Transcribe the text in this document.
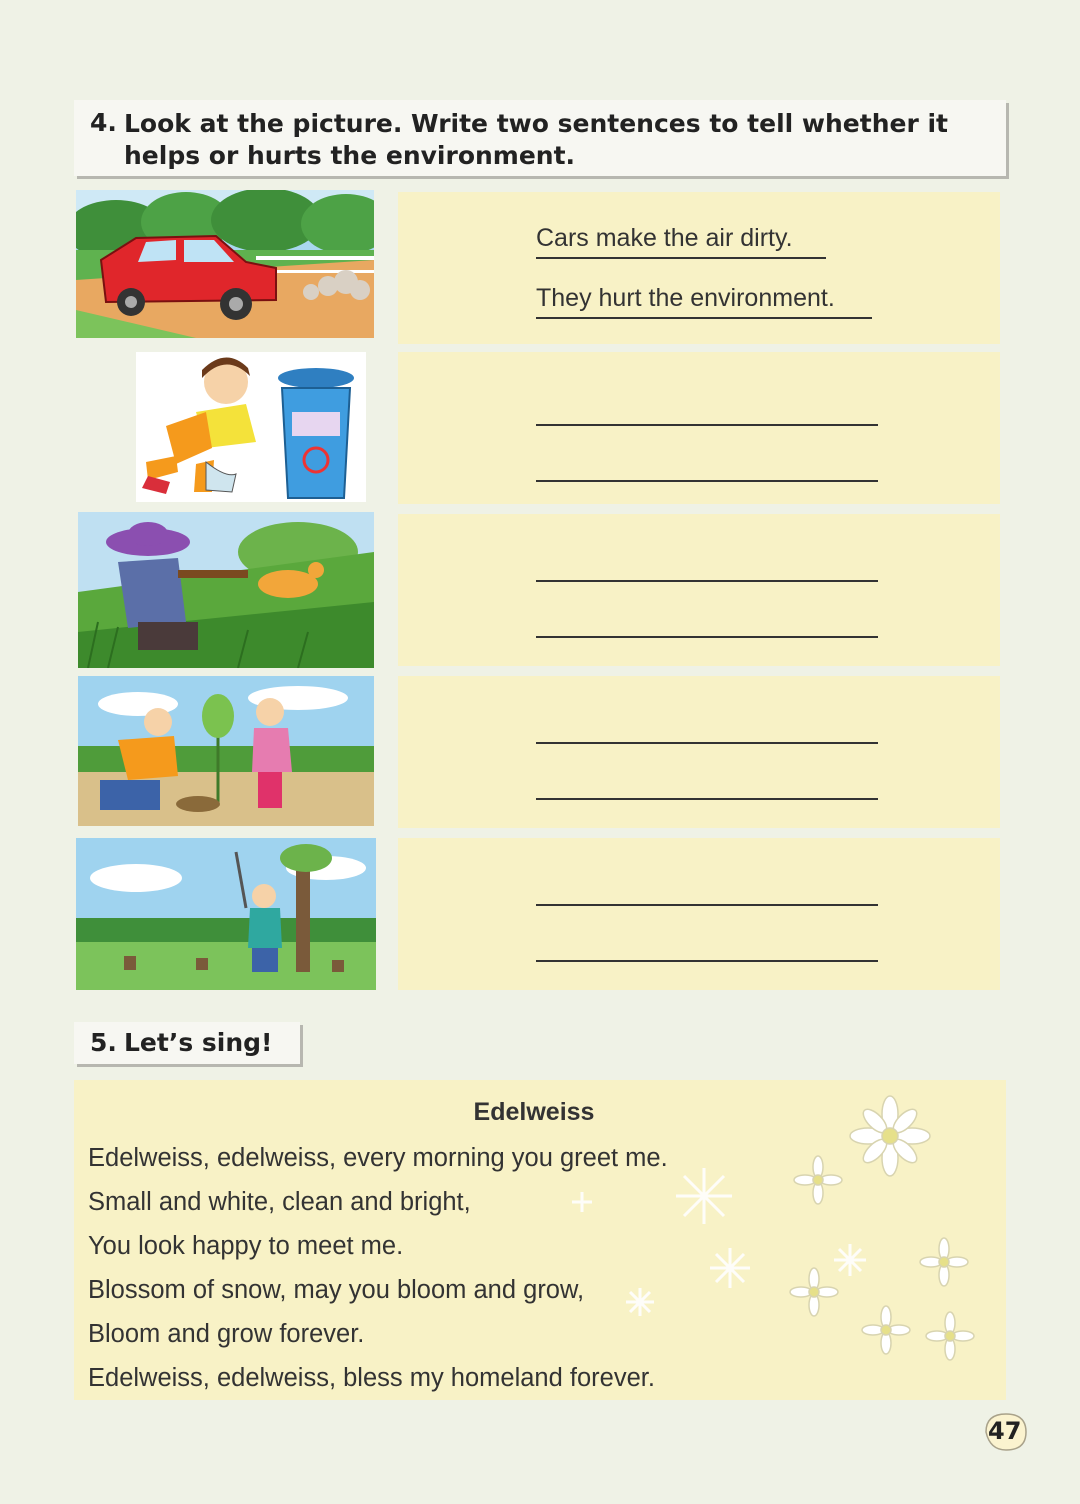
4. Look at the picture. Write two sentences to tell whether it helps or hurts the environment.
Cars make the air dirty.
They hurt the environment.
5. Let’s sing!
Edelweiss
Edelweiss, edelweiss, every morning you greet me.
Small and white, clean and bright,
You look happy to meet me.
Blossom of snow, may you bloom and grow,
Bloom and grow forever.
Edelweiss, edelweiss, bless my homeland forever.
47
